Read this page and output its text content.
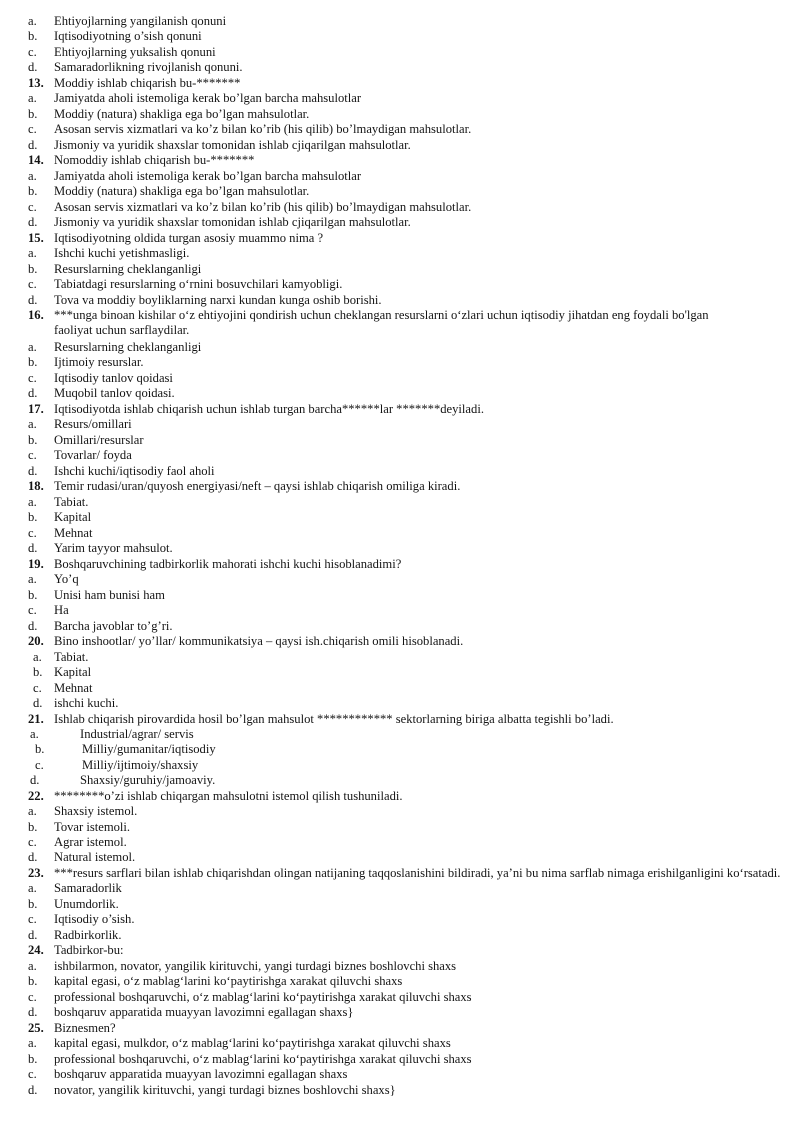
a. Ehtiyojlarning yangilanish qonuni
b. Iqtisodiyotning o’sish qonuni
c. Ehtiyojlarning yuksalish qonuni
d. Samaradorlikning rivojlanish qonuni.
13. Moddiy ishlab chiqarish bu-*******
a. Jamiyatda aholi istemoliga kerak bo’lgan barcha mahsulotlar
b. Moddiy (natura) shakliga ega bo’lgan mahsulotlar.
c. Asosan servis xizmatlari va ko’z bilan ko’rib (his qilib) bo’lmaydigan mahsulotlar.
d. Jismoniy va yuridik shaxslar tomonidan ishlab cjiqarilgan mahsulotlar.
14. Nomoddiy ishlab chiqarish bu-*******
a. Jamiyatda aholi istemoliga kerak bo’lgan barcha mahsulotlar
b. Moddiy (natura) shakliga ega bo’lgan mahsulotlar.
c. Asosan servis xizmatlari va ko’z bilan ko’rib (his qilib) bo’lmaydigan mahsulotlar.
d. Jismoniy va yuridik shaxslar tomonidan ishlab cjiqarilgan mahsulotlar.
15. Iqtisodiyotning oldida turgan asosiy muammo nima ?
a. Ishchi kuchi yetishmasligi.
b. Resurslarning cheklanganligi
c. Tabiatdagi resurslarning o‘rnini bosuvchilari kamyobligi.
d. Tova va moddiy boyliklarning narxi kundan kunga oshib borishi.
16. ***unga binoan kishilar o‘z ehtiyojini qondirish uchun cheklangan resurslarni o‘zlari uchun iqtisodiy jihatdan eng foydali bo'lgan
faoliyat uchun sarflaydilar.
a. Resurslarning cheklanganligi
b. Ijtimoiy resurslar.
c. Iqtisodiy tanlov qoidasi
d. Muqobil tanlov qoidasi.
17. Iqtisodiyotda ishlab chiqarish uchun ishlab turgan barcha******lar *******deyiladi.
a. Resurs/omillari
b. Omillari/resurslar
c. Tovarlar/ foyda
d. Ishchi kuchi/iqtisodiy faol aholi
18. Temir rudasi/uran/quyosh energiyasi/neft – qaysi ishlab chiqarish omiliga kiradi.
a. Tabiat.
b. Kapital
c. Mehnat
d. Yarim tayyor mahsulot.
19. Boshqaruvchining tadbirkorlik mahorati ishchi kuchi hisoblanadimi?
a. Yo’q
b. Unisi ham bunisi ham
c. Ha
d. Barcha javoblar to’g’ri.
20. Bino inshootlar/ yo’llar/ kommunikatsiya – qaysi ish.chiqarish omili hisoblanadi.
a. Tabiat.
b. Kapital
c. Mehnat
d. ishchi kuchi.
21. Ishlab chiqarish pirovardida hosil bo’lgan mahsulot ************ sektorlarning biriga albatta tegishli bo’ladi.
a.	Industrial/agrar/ servis
b.	Milliy/gumanitar/iqtisodiy
c.	Milliy/ijtimoiy/shaxsiy
d.	Shaxsiy/guruhiy/jamoaviy.
22. ********o’zi ishlab chiqargan mahsulotni istemol qilish tushuniladi.
a. Shaxsiy istemol.
b. Tovar istemoli.
c. Agrar istemol.
d. Natural istemol.
23. ***resurs sarflari bilan ishlab chiqarishdan olingan natijaning taqqoslanishini bildiradi, ya’ni bu nima sarflab nimaga erishilganligini ko‘rsatadi.
a. Samaradorlik
b. Unumdorlik.
c. Iqtisodiy o’sish.
d. Radbirkorlik.
24. Tadbirkor-bu:
a. ishbilarmon, novator, yangilik kirituvchi, yangi turdagi biznes boshlovchi shaxs
b. kapital egasi, o‘z mablag‘larini ko‘paytirishga xarakat qiluvchi shaxs
c. professional boshqaruvchi, o‘z mablag‘larini ko‘paytirishga xarakat qiluvchi shaxs
d. boshqaruv apparatida muayyan lavozimni egallagan shaxs}
25. Biznesmen?
a. kapital egasi, mulkdor, o‘z mablag‘larini ko‘paytirishga xarakat qiluvchi shaxs
b. professional boshqaruvchi, o‘z mablag‘larini ko‘paytirishga xarakat qiluvchi shaxs
c. boshqaruv apparatida muayyan lavozimni egallagan shaxs
d. novator, yangilik kirituvchi, yangi turdagi biznes boshlovchi shaxs}
